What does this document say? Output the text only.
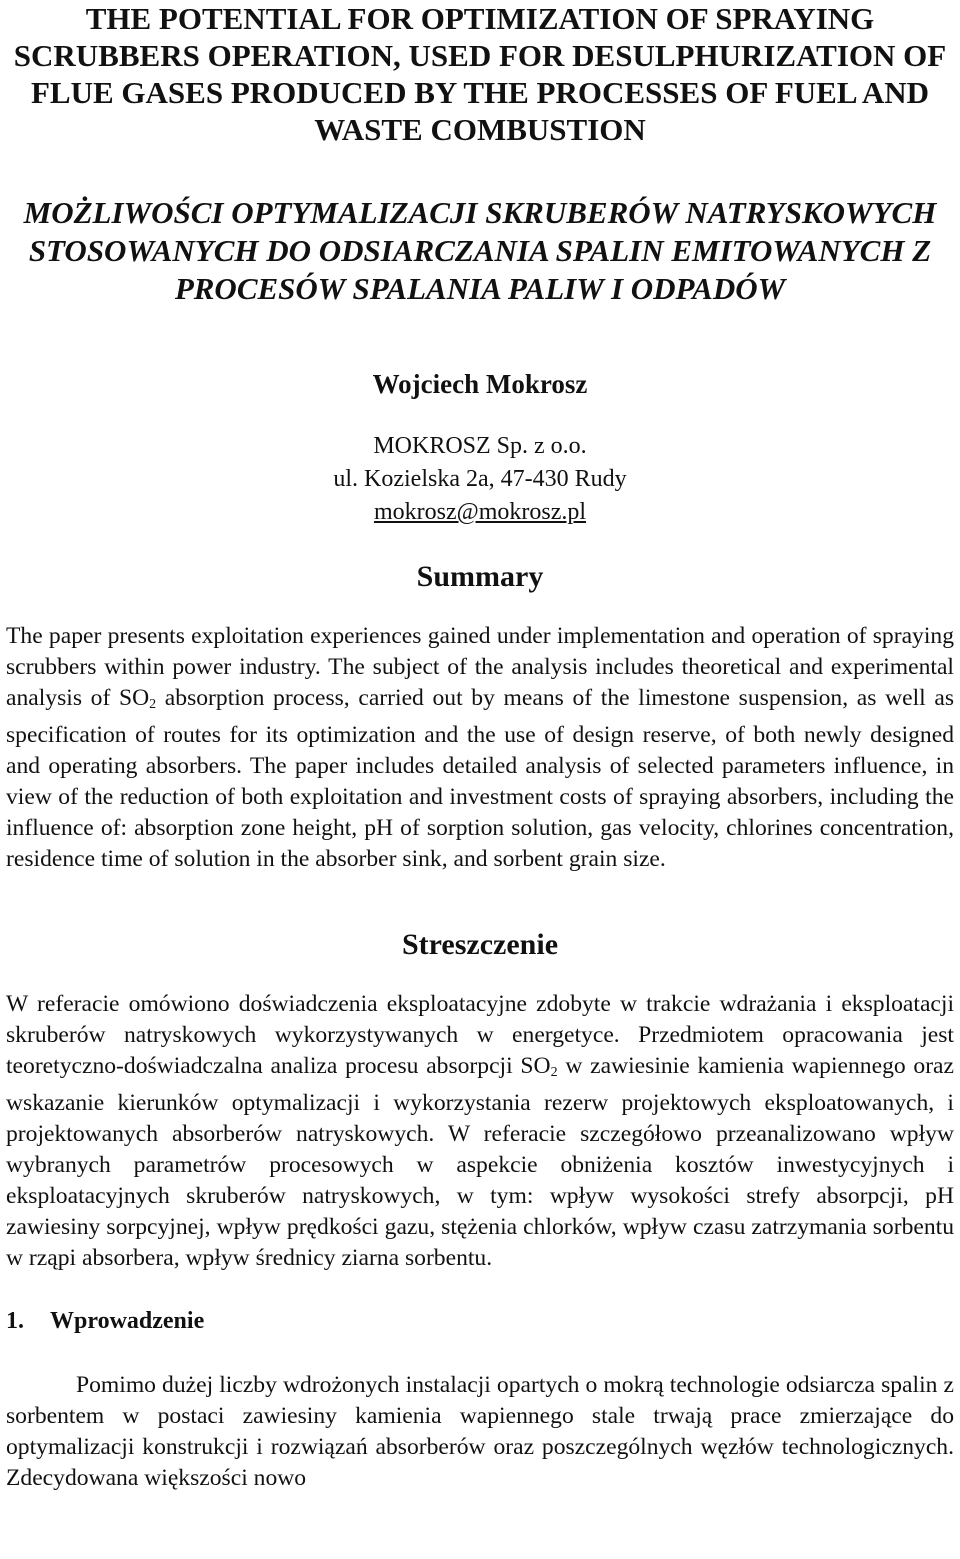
THE POTENTIAL FOR OPTIMIZATION OF SPRAYING SCRUBBERS OPERATION, USED FOR DESULPHURIZATION OF FLUE GASES PRODUCED BY THE PROCESSES OF FUEL AND WASTE COMBUSTION
MOŻLIWOŚCI OPTYMALIZACJI SKRUBERÓW NATRYSKOWYCH STOSOWANYCH DO ODSIARCZANIA SPALIN EMITOWANYCH Z PROCESÓW SPALANIA PALIW I ODPADÓW
Wojciech Mokrosz
MOKROSZ Sp. z o.o.
ul. Kozielska 2a, 47-430 Rudy
mokrosz@mokrosz.pl
Summary

The paper presents exploitation experiences gained under implementation and operation of spraying scrubbers within power industry. The subject of the analysis includes theoretical and experimental analysis of $SO_2$ absorption process, carried out by means of the limestone suspension, as well as specification of routes for its optimization and the use of design reserve, of both newly designed and operating absorbers. The paper includes detailed analysis of selected parameters influence, in view of the reduction of both exploitation and investment costs of spraying absorbers, including the influence of: absorption zone height, pH of sorption solution, gas velocity, chlorines concentration, residence time of solution in the absorber sink, and sorbent grain size.

Streszczenie

W referacie omówiono doświadczenia eksploatacyjne zdobyte w trakcie wdrażania i eksploatacji skruberów natryskowych wykorzystywanych w energetyce. Przedmiotem opracowania jest teoretyczno-doświadczalna analiza procesu absorpcji $SO_2$ w zawiesinie kamienia wapiennego oraz wskazanie kierunków optymalizacji i wykorzystania rezerw projektowych eksploatowanych, i projektowanych absorberów natryskowych. W referacie szczegółowo przeanalizowano wpływ wybranych parametrów procesowych w aspekcie obniżenia kosztów inwestycyjnych i eksploatacyjnych skruberów natryskowych, w tym: wpływ wysokości strefy absorpcji, pH zawiesiny sorpcyjnej, wpływ prędkości gazu, stężenia chlorków, wpływ czasu zatrzymania sorbentu w rząpi absorbera, wpływ średnicy ziarna sorbentu.

1. Wprowadzenie

Pomimo dużej liczby wdrożonych instalacji opartych o mokrą technologie odsiarcza spalin z sorbentem w postaci zawiesiny kamienia wapiennego stale trwają prace zmierzające do optymalizacji konstrukcji i rozwiązań absorberów oraz poszczególnych węzłów technologicznych. Zdecydowana większości nowo
